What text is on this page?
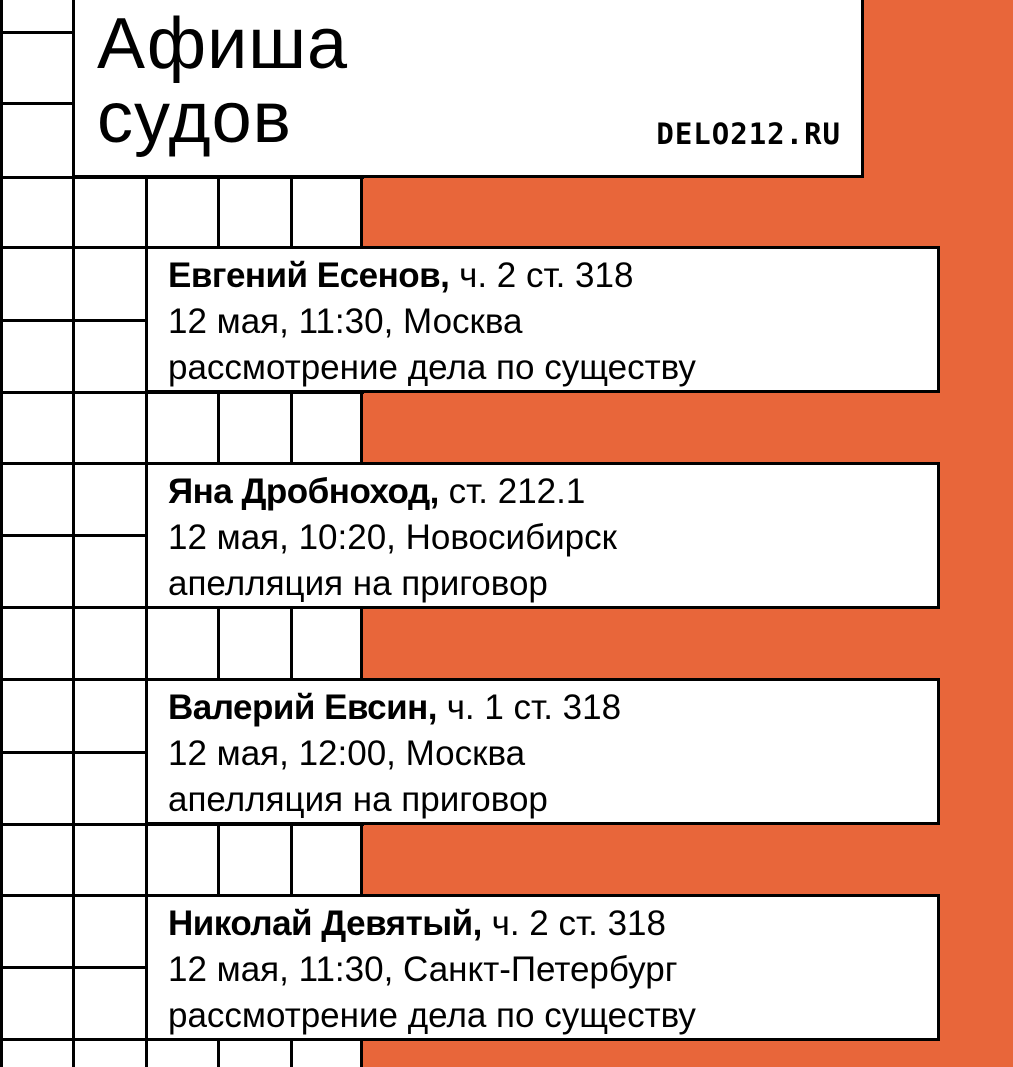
Афиша
судов	DELO212.RU
Евгений Есенов, ч. 2 ст. 318
12 мая, 11:30, Москва
рассмотрение дела по существу
Яна Дробноход, ст. 212.1
12 мая, 10:20, Новосибирск
апелляция на приговор
Валерий Евсин, ч. 1 ст. 318
12 мая, 12:00, Москва
апелляция на приговор
Николай Девятый, ч. 2 ст. 318
12 мая, 11:30, Санкт-Петербург
рассмотрение дела по существу
